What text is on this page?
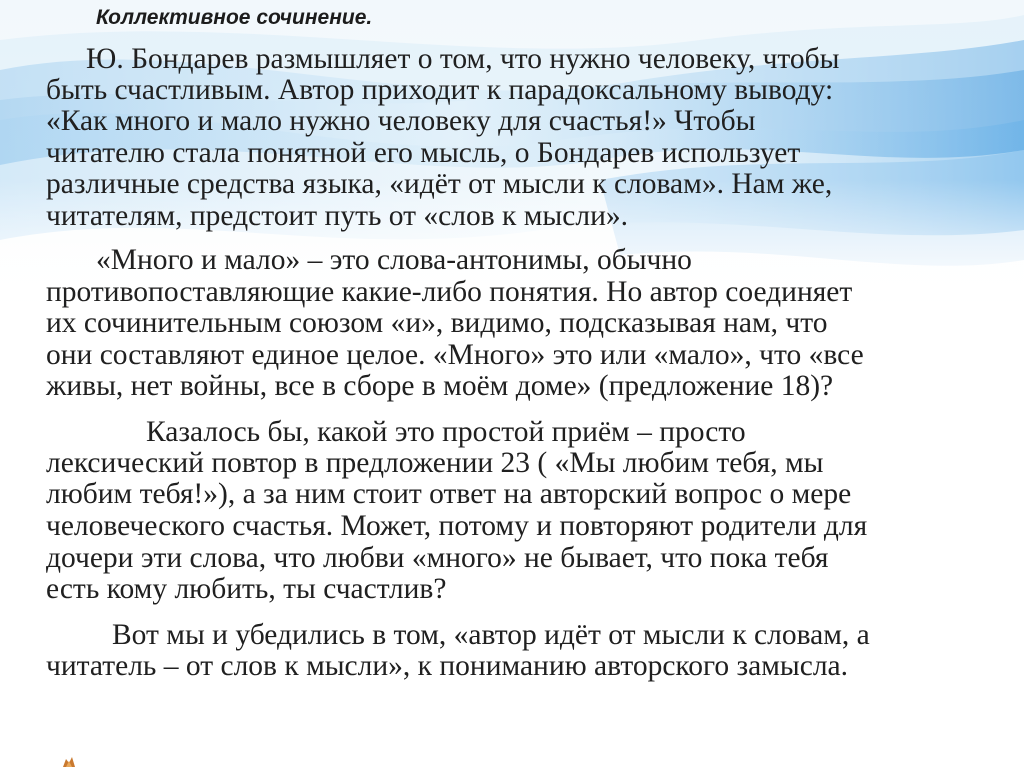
Коллективное сочинение.

Ю. Бондарев размышляет о том, что нужно человеку, чтобы

быть счастливым. Автор приходит к парадоксальному выводу:

«Как много и мало нужно человеку для счастья!» Чтобы

читателю стала понятной его мысль, о Бондарев использует

различные средства языка, «идёт от мысли к словам». Нам же,

читателям, предстоит путь от «слов к мысли».

«Много и мало» – это слова-антонимы, обычно

противопоставляющие какие-либо понятия. Но автор соединяет

их сочинительным союзом «и», видимо, подсказывая нам, что

они составляют единое целое. «Много» это или «мало», что «все

живы, нет войны, все в сборе в моём доме» (предложение 18)?

Казалось бы, какой это простой приём – просто

лексический повтор в предложении 23 ( «Мы любим тебя, мы

любим тебя!»), а за ним стоит ответ на авторский вопрос о мере

человеческого счастья. Может, потому и повторяют родители для

дочери эти слова, что любви «много» не бывает, что пока тебя

есть кому любить, ты счастлив?

Вот мы и убедились в том, «автор идёт от мысли к словам, а

читатель – от слов к мысли», к пониманию авторского замысла.
